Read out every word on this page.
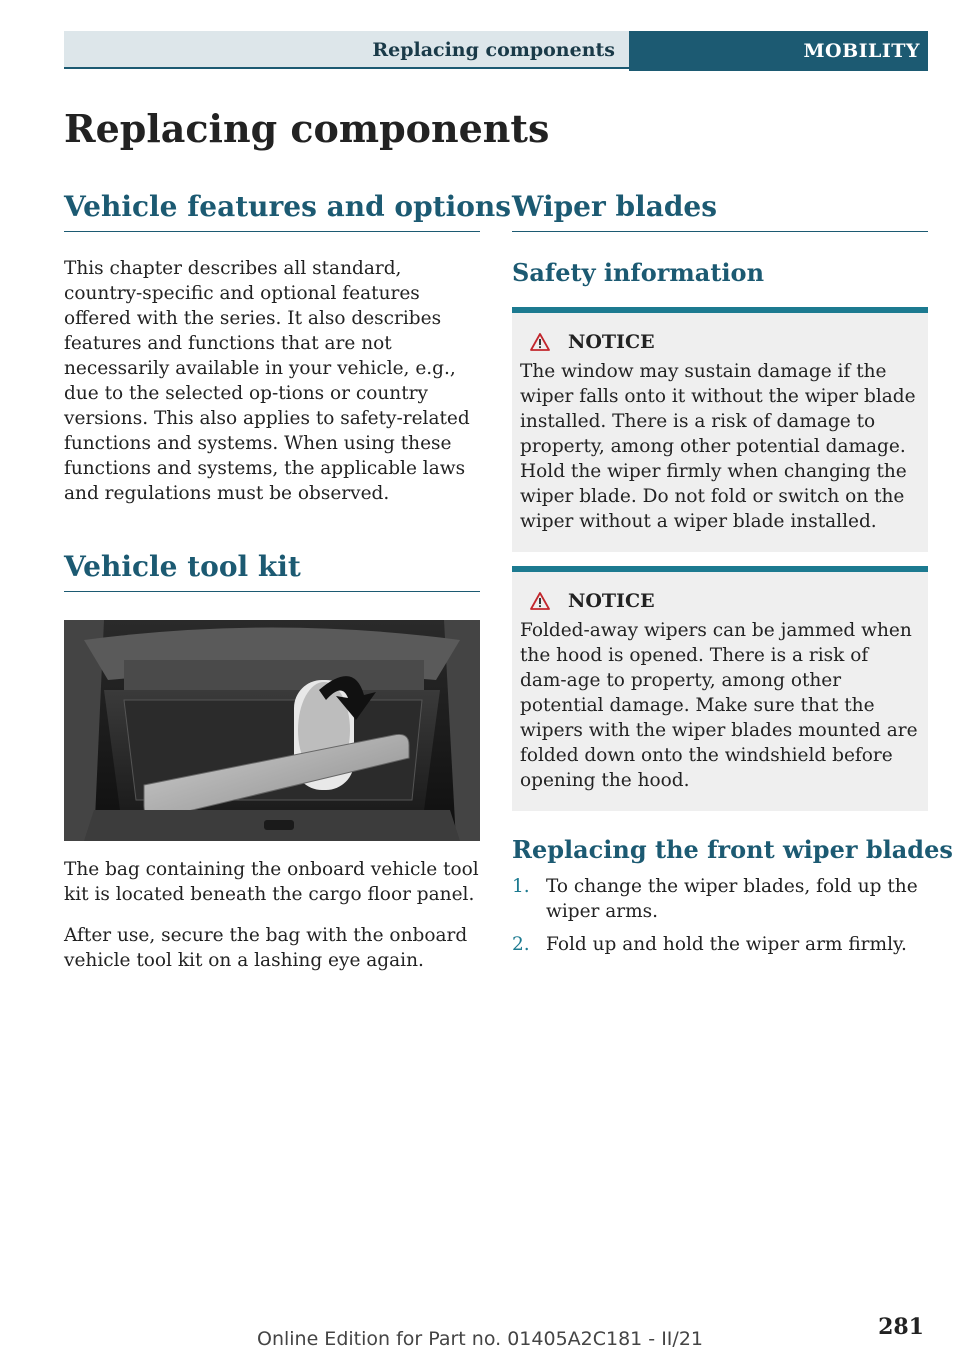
Replacing components	MOBILITY
Replacing components
Vehicle features and options

This chapter describes all standard, country-specific and optional features offered with the series. It also describes features and functions that are not necessarily available in your vehicle, e.g., due to the selected op-tions or country versions. This also applies to safety-related functions and systems. When using these functions and systems, the applicable laws and regulations must be observed.

Vehicle tool kit

The bag containing the onboard vehicle tool kit is located beneath the cargo floor panel.

After use, secure the bag with the onboard vehicle tool kit on a lashing eye again.

Wiper blades
Safety information
NOTICE

The window may sustain damage if the wiper falls onto it without the wiper blade installed. There is a risk of damage to property, among other potential damage. Hold the wiper firmly when changing the wiper blade. Do not fold or switch on the wiper without a wiper blade installed.

NOTICE

Folded-away wipers can be jammed when the hood is opened. There is a risk of dam-age to property, among other potential damage. Make sure that the wipers with the wiper blades mounted are folded down onto the windshield before opening the hood.

Replacing the front wiper blades
1. To change the wiper blades, fold up the wiper arms.
2. Fold up and hold the wiper arm firmly.
281
Online Edition for Part no. 01405A2C181 - II/21
